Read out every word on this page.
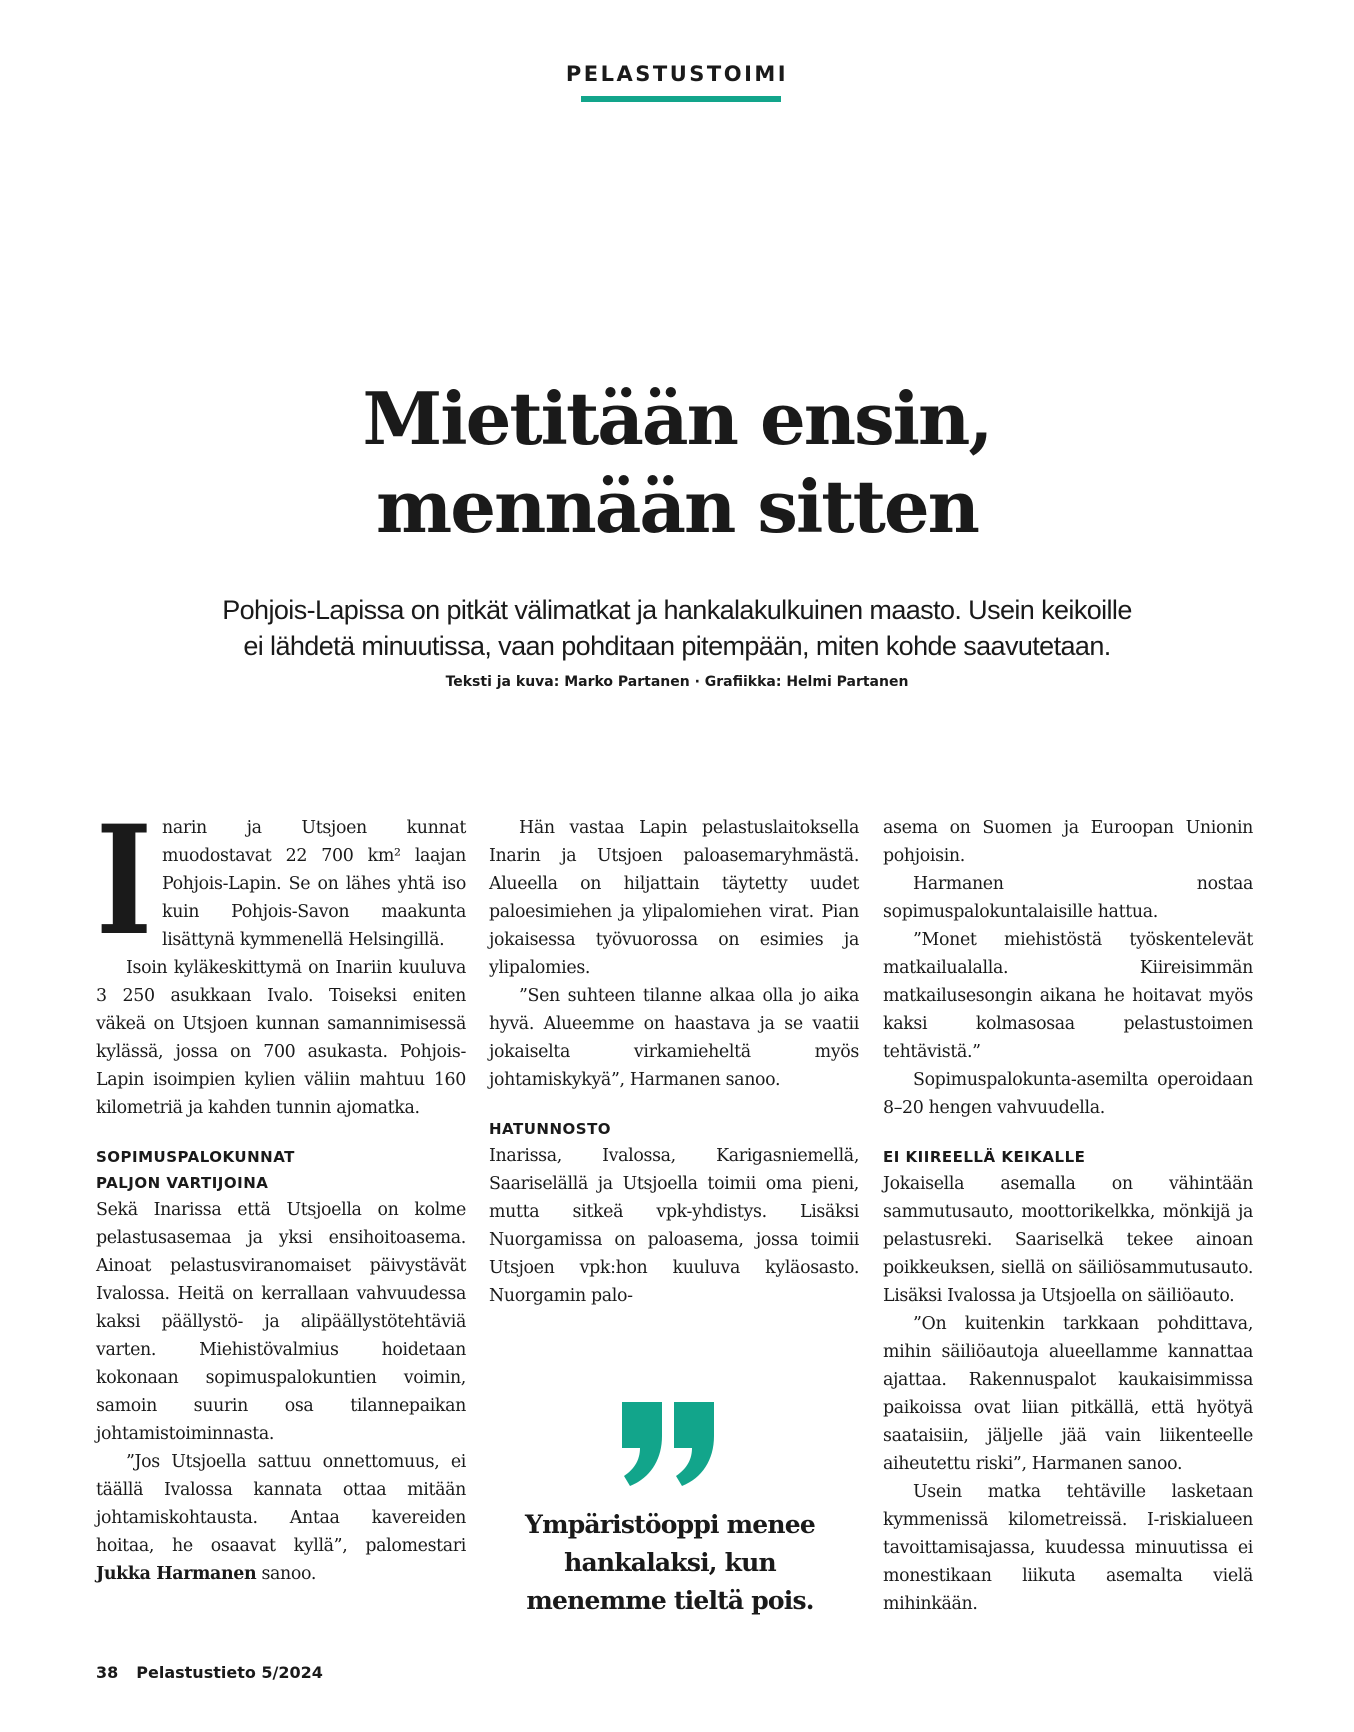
PELASTUSTOIMI
Mietitään ensin,
mennään sitten
Pohjois-Lapissa on pitkät välimatkat ja hankalakulkuinen maasto. Usein keikoille
ei lähdetä minuutissa, vaan pohditaan pitempään, miten kohde saavutetaan.
Teksti ja kuva: Marko Partanen · Grafiikka: Helmi Partanen
I narin ja Utsjoen kunnat muodostavat 22 700 km² laajan Pohjois-Lapin. Se on lähes yhtä iso kuin Pohjois-Savon maakunta lisättynä kymmenellä Helsingillä.

Isoin kyläkeskittymä on Inariin kuuluva 3 250 asukkaan Ivalo. Toiseksi eniten väkeä on Utsjoen kunnan samannimisessä kylässä, jossa on 700 asukasta. Pohjois-Lapin isoimpien kylien väliin mahtuu 160 kilometriä ja kahden tunnin ajomatka.

SOPIMUSPALOKUNNAT
PALJON VARTIJOINA

Sekä Inarissa että Utsjoella on kolme pelastusasemaa ja yksi ensihoitoasema. Ainoat pelastusviranomaiset päivystävät Ivalossa. Heitä on kerrallaan vahvuudessa kaksi päällystö- ja alipäällystötehtäviä varten. Miehistövalmius hoidetaan kokonaan sopimuspalokuntien voimin, samoin suurin osa tilannepaikan johtamistoiminnasta.

”Jos Utsjoella sattuu onnettomuus, ei täällä Ivalossa kannata ottaa mitään johtamiskohtausta. Antaa kavereiden hoitaa, he osaavat kyllä”, palomestari Jukka Harmanen sanoo.

Hän vastaa Lapin pelastuslaitoksella Inarin ja Utsjoen paloasemaryhmästä. Alueella on hiljattain täytetty uudet paloesimiehen ja ylipalomiehen virat. Pian jokaisessa työvuorossa on esimies ja ylipalomies.

”Sen suhteen tilanne alkaa olla jo aika hyvä. Alueemme on haastava ja se vaatii jokaiselta virkamieheltä myös johtamiskykyä”, Harmanen sanoo.

HATUNNOSTO

Inarissa, Ivalossa, Karigasniemellä, Saariselällä ja Utsjoella toimii oma pieni, mutta sitkeä vpk-yhdistys. Lisäksi Nuorgamissa on paloasema, jossa toimii Utsjoen vpk:hon kuuluva kyläosasto. Nuorgamin palo-

Ympäristöoppi menee
hankalaksi, kun
menemme tieltä pois.

asema on Suomen ja Euroopan Unionin pohjoisin.

Harmanen nostaa sopimuspalokuntalaisille hattua.

”Monet miehistöstä työskentelevät matkailualalla. Kiireisimmän matkailusesongin aikana he hoitavat myös kaksi kolmasosaa pelastustoimen tehtävistä.”

Sopimuspalokunta-asemilta operoidaan 8–20 hengen vahvuudella.

EI KIIREELLÄ KEIKALLE

Jokaisella asemalla on vähintään sammutusauto, moottorikelkka, mönkijä ja pelastusreki. Saariselkä tekee ainoan poikkeuksen, siellä on säiliösammutusauto. Lisäksi Ivalossa ja Utsjoella on säiliöauto.

”On kuitenkin tarkkaan pohdittava, mihin säiliöautoja alueellamme kannattaa ajattaa. Rakennuspalot kaukaisimmissa paikoissa ovat liian pitkällä, että hyötyä saataisiin, jäljelle jää vain liikenteelle aiheutettu riski”, Harmanen sanoo.

Usein matka tehtäville lasketaan kymmenissä kilometreissä. I-riskialueen tavoittamisajassa, kuudessa minuutissa ei monestikaan liikuta asemalta vielä mihinkään.

38 Pelastustieto 5/2024
